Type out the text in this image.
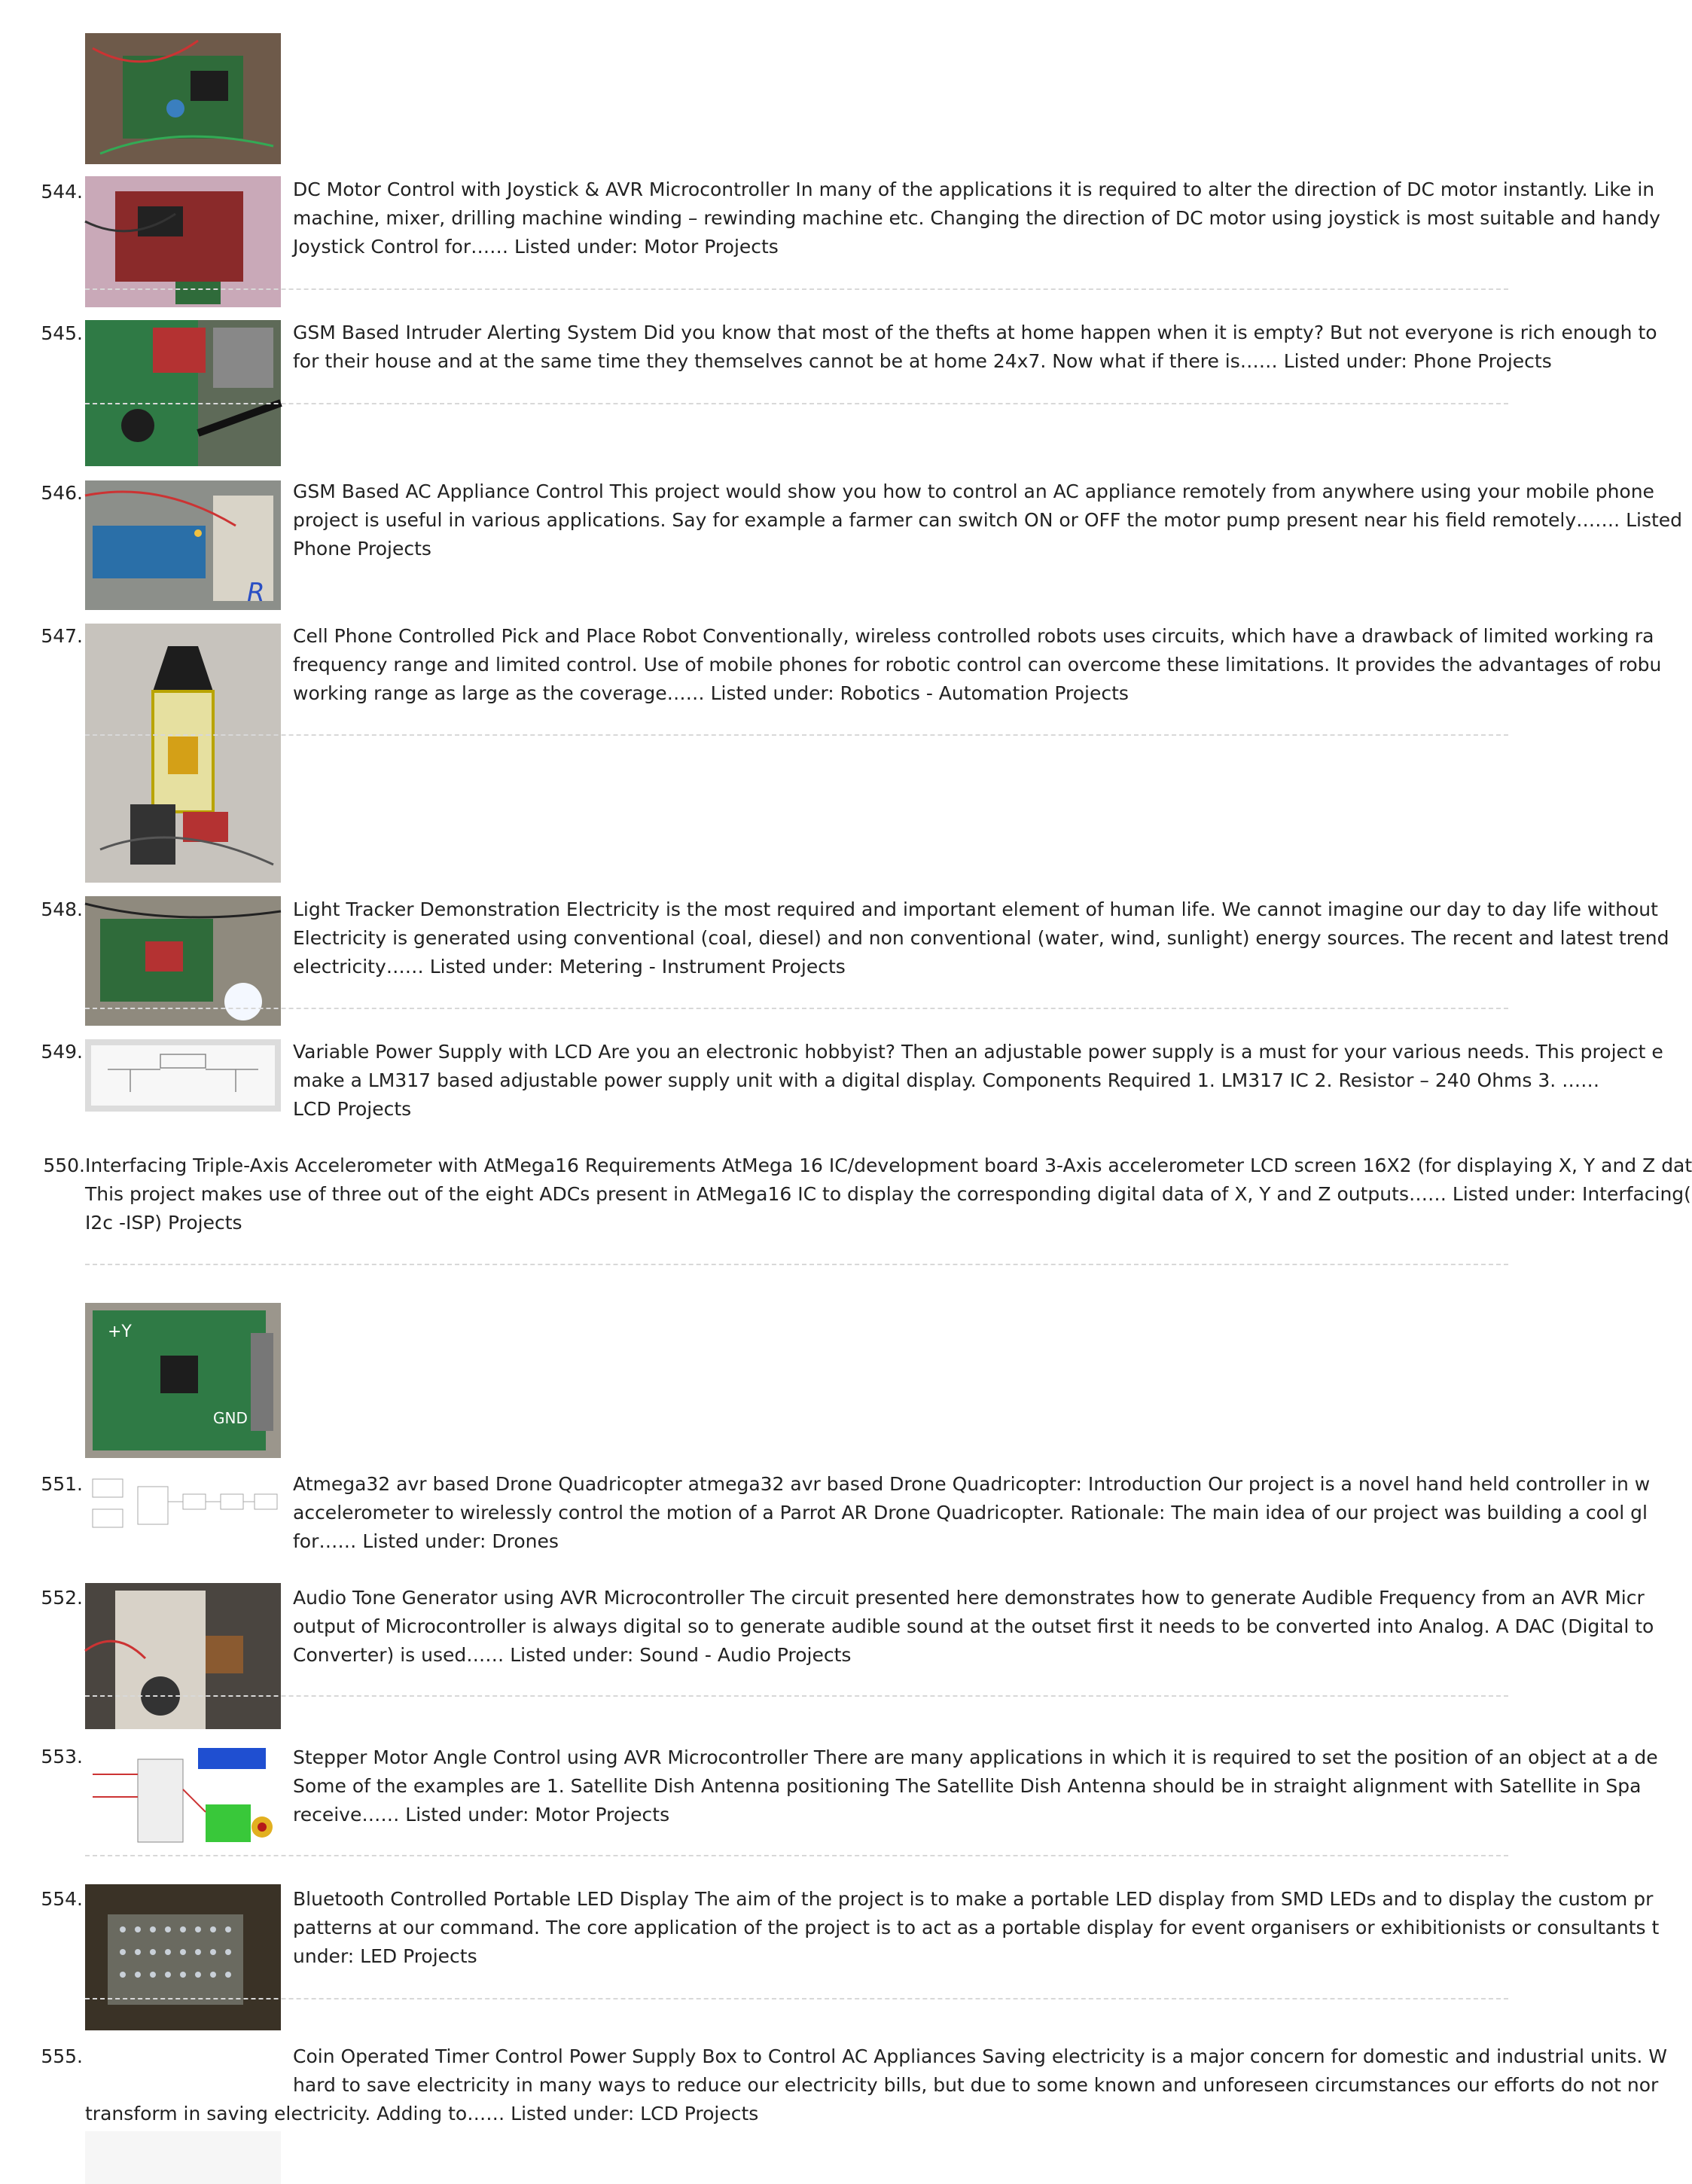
544.	DC Motor Control with Joystick & AVR Microcontroller In many of the applications it is required to alter the direction of DC motor instantly. Like in
machine, mixer, drilling machine winding – rewinding machine etc. Changing the direction of DC motor using joystick is most suitable and handy
Joystick Control for…… Listed under: Motor Projects
545.	GSM Based Intruder Alerting System Did you know that most of the thefts at home happen when it is empty? But not everyone is rich enough to
for their house and at the same time they themselves cannot be at home 24x7. Now what if there is…… Listed under: Phone Projects
546.
R
GSM Based AC Appliance Control This project would show you how to control an AC appliance remotely from anywhere using your mobile phone
project is useful in various applications. Say for example a farmer can switch ON or OFF the motor pump present near his field remotely……. Listed
Phone Projects
547.	Cell Phone Controlled Pick and Place Robot Conventionally, wireless controlled robots uses circuits, which have a drawback of limited working ra
frequency range and limited control. Use of mobile phones for robotic control can overcome these limitations. It provides the advantages of robu
working range as large as the coverage…… Listed under: Robotics - Automation Projects
548.	Light Tracker Demonstration Electricity is the most required and important element of human life. We cannot imagine our day to day life without
Electricity is generated using conventional (coal, diesel) and non conventional (water, wind, sunlight) energy sources. The recent and latest trend
electricity…… Listed under: Metering - Instrument Projects
549.	Variable Power Supply with LCD Are you an electronic hobbyist? Then an adjustable power supply is a must for your various needs. This project e
make a LM317 based adjustable power supply unit with a digital display. Components Required 1. LM317 IC 2. Resistor – 240 Ohms 3. ……
LCD Projects
550.Interfacing Triple-Axis Accelerometer with AtMega16 Requirements AtMega 16 IC/development board 3-Axis accelerometer LCD screen 16X2 (for displaying X, Y and Z dat
This project makes use of three out of the eight ADCs present in AtMega16 IC to display the corresponding digital data of X, Y and Z outputs…… Listed under: Interfacing(
I2c -ISP) Projects
+Y
GND
551.	Atmega32 avr based Drone Quadricopter atmega32 avr based Drone Quadricopter: Introduction Our project is a novel hand held controller in w
accelerometer to wirelessly control the motion of a Parrot AR Drone Quadricopter. Rationale: The main idea of our project was building a cool gl
for…… Listed under: Drones
552.	Audio Tone Generator using AVR Microcontroller The circuit presented here demonstrates how to generate Audible Frequency from an AVR Micr
output of Microcontroller is always digital so to generate audible sound at the outset first it needs to be converted into Analog. A DAC (Digital to
Converter) is used…… Listed under: Sound - Audio Projects
553.	Stepper Motor Angle Control using AVR Microcontroller There are many applications in which it is required to set the position of an object at a de
Some of the examples are 1. Satellite Dish Antenna positioning The Satellite Dish Antenna should be in straight alignment with Satellite in Spa
receive…… Listed under: Motor Projects
554.	Bluetooth Controlled Portable LED Display The aim of the project is to make a portable LED display from SMD LEDs and to display the custom pr
patterns at our command. The core application of the project is to act as a portable display for event organisers or exhibitionists or consultants t
under: LED Projects
555.	Coin Operated Timer Control Power Supply Box to Control AC Appliances Saving electricity is a major concern for domestic and industrial units. W
hard to save electricity in many ways to reduce our electricity bills, but due to some known and unforeseen circumstances our efforts do not nor
transform in saving electricity. Adding to…… Listed under: LCD Projects
